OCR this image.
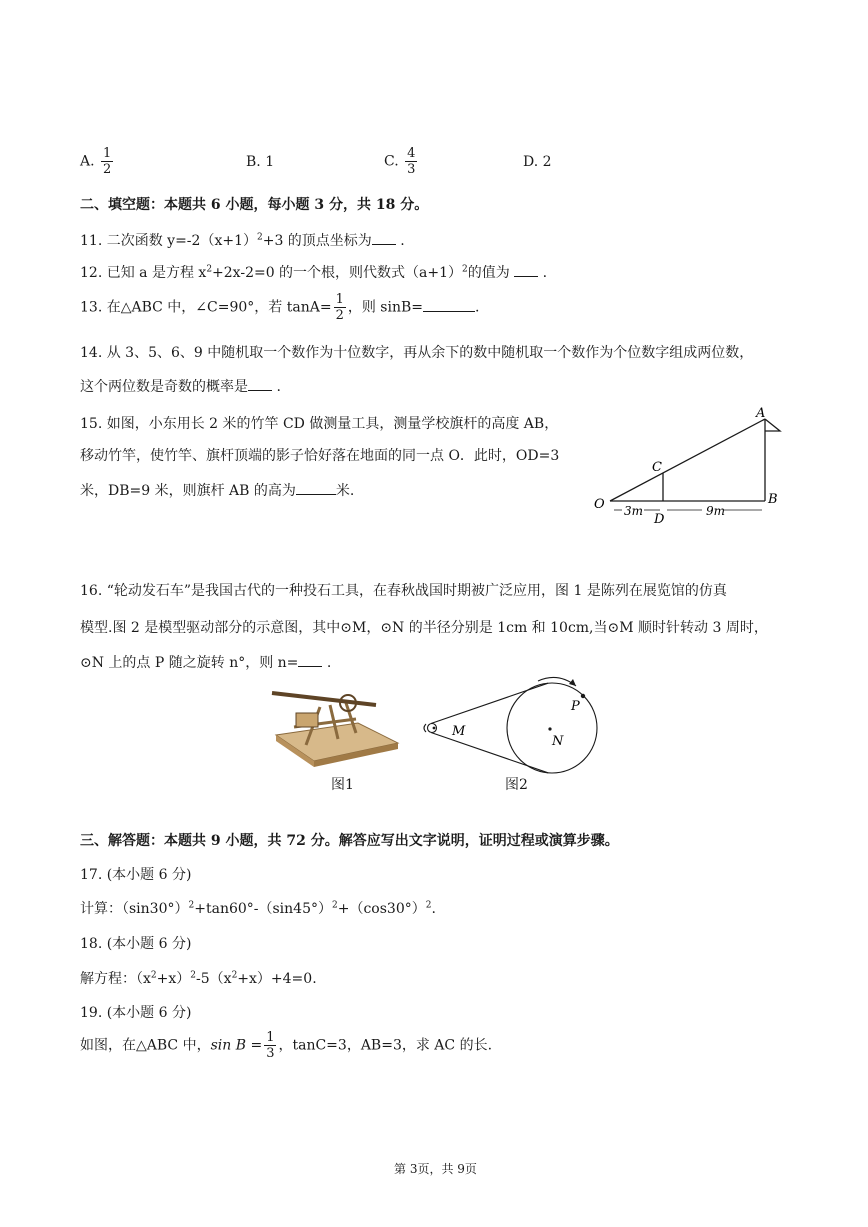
A. $\frac{1}{2}$	B. 1	C. $\frac{4}{3}$	D. 2
二、填空题：本题共 6 小题，每小题 3 分，共 18 分。
11. 二次函数 $y=-2(x+1)^2+3$ 的顶点坐标为 .
12. 已知 a 是方程 $x^2+2x-2=0$ 的一个根，则代数式$(a+1)^2$的值为  .
13. 在△ABC 中，∠C=90°，若 $\tan A= \frac{1}{2}$ ，则 sinB=	.
14. 从 3、5、6、9 中随机取一个数作为十位数字，再从余下的数中随机取一个数作为个位数字组成两位数，
这个两位数是奇数的概率是 .
15. 如图，小东用长 2 米的竹竿 CD 做测量工具，测量学校旗杆的高度 AB，
移动竹竿，使竹竿、旗杆顶端的影子恰好落在地面的同一点 O．此时，OD=3
米，DB=9 米，则旗杆 AB 的高为	米.
O
A
B
C
D
3m	9m
16. “轮动发石车”是我国古代的一种投石工具，在春秋战国时期被广泛应用，图 1 是陈列在展览馆的仿真
模型.图 2 是模型驱动部分的示意图，其中⊙M，⊙N 的半径分别是 1cm 和 10cm,当⊙M 顺时针转动 3 周时，
⊙N 上的点 P 随之旋转 n°，则 n= .
图1
M
N
P
图2
三、解答题：本题共 9 小题，共 72 分。解答应写出文字说明，证明过程或演算步骤。
17. (本小题 6 分)
计算：$(\sin 30^\circ)^2+\tan 60^\circ-(\sin 45^\circ)^2+(\cos 30^\circ)^2$.
18. (本小题 6 分)
解方程：$(x^2+x)^2-5(x^2+x)+4=0$.
19. (本小题 6 分)
如图，在△ABC 中，$\sin B = \frac{1}{3}$ ，tanC=3，AB=3，求 AC 的长.
第 3页，共 9页
